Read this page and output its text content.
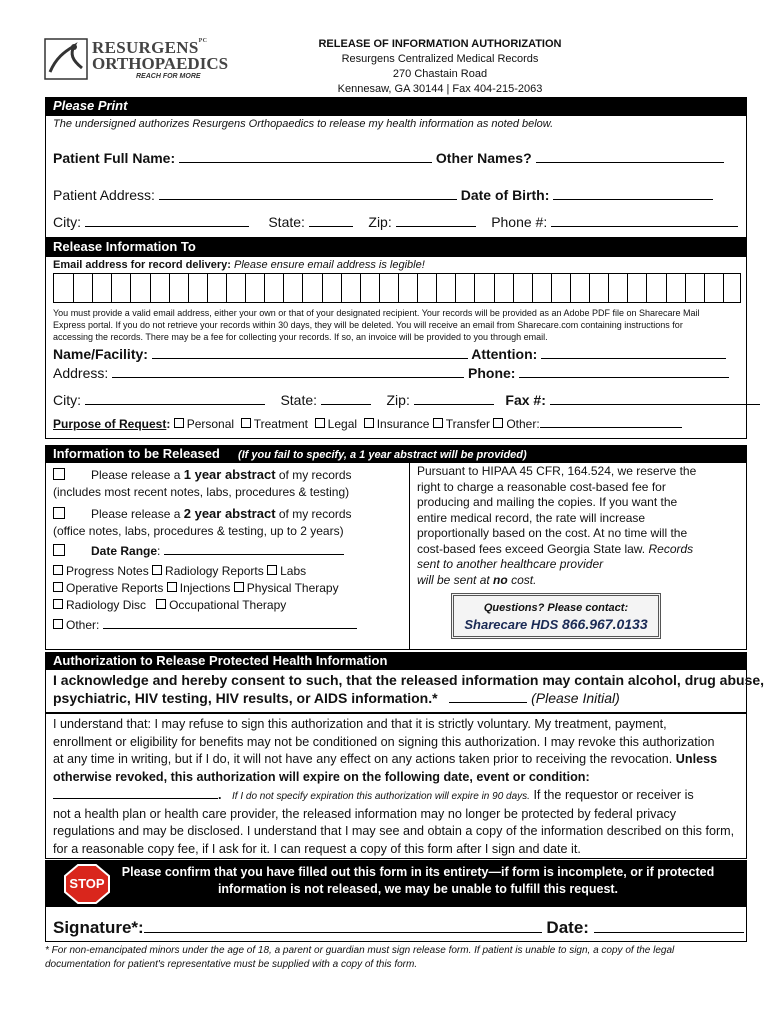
$RESURGENS^{PC}$
ORTHOPAEDICS
REACH FOR MORE
RELEASE OF INFORMATION AUTHORIZATION
Resurgens Centralized Medical Records
270 Chastain Road
Kennesaw, GA 30144 | Fax 404-215-2063
Please Print
The undersigned authorizes Resurgens Orthopaedics to release my health information as noted below.
Patient Full Name:	Other Names?
Patient Address:	Date of Birth:
City:	State:	Zip:	Phone #:
Release Information To
Email address for record delivery: Please ensure email address is legible!
You must provide a valid email address, either your own or that of your designated recipient. Your records will be provided as an Adobe PDF file on Sharecare Mail
Express portal. If you do not retrieve your records within 30 days, they will be deleted. You will receive an email from Sharecare.com containing instructions for
accessing the records. There may be a fee for collecting your records. If so, an invoice will be provided to you through email.
Name/Facility:	Attention:
Address:	Phone:
City:	State:	Zip:	Fax #:
Purpose of Request: Personal Treatment Legal Insurance Transfer Other:
Information to be Released (If you fail to specify, a 1 year abstract will be provided)
Please release a 1 year abstract of my records
(includes most recent notes, labs, procedures & testing)
Please release a 2 year abstract of my records
(office notes, labs, procedures & testing, up to 2 years)
Date Range:
Progress Notes Radiology Reports Labs
Operative Reports Injections Physical Therapy
Radiology Disc Occupational Therapy
Other:
Pursuant to HIPAA 45 CFR, 164.524, we reserve the
right to charge a reasonable cost-based fee for
producing and mailing the copies. If you want the
entire medical record, the rate will increase
proportionally based on the cost. At no time will the
cost-based fees exceed Georgia State law. Records
sent to another healthcare provider
will be sent at no cost.
Questions? Please contact:
Sharecare HDS 866.967.0133
Authorization to Release Protected Health Information
I acknowledge and hereby consent to such, that the released information may contain alcohol, drug abuse,
psychiatric, HIV testing, HIV results, or AIDS information.*	(Please Initial)
I understand that: I may refuse to sign this authorization and that it is strictly voluntary. My treatment, payment,
enrollment or eligibility for benefits may not be conditioned on signing this authorization. I may revoke this authorization
at any time in writing, but if I do, it will not have any effect on any actions taken prior to receiving the revocation. Unless
otherwise revoked, this authorization will expire on the following date, event or condition:
. If I do not specify expiration this authorization will expire in 90 days. If the requestor or receiver is
not a health plan or health care provider, the released information may no longer be protected by federal privacy
regulations and may be disclosed. I understand that I may see and obtain a copy of the information described on this form,
for a reasonable copy fee, if I ask for it. I can request a copy of this form after I sign and date it.
STOP
Please confirm that you have filled out this form in its entirety—if form is incomplete, or if protected
information is not released, we may be unable to fulfill this request.
Signature*:	Date:
* For non-emancipated minors under the age of 18, a parent or guardian must sign release form. If patient is unable to sign, a copy of the legal
documentation for patient's representative must be supplied with a copy of this form.
